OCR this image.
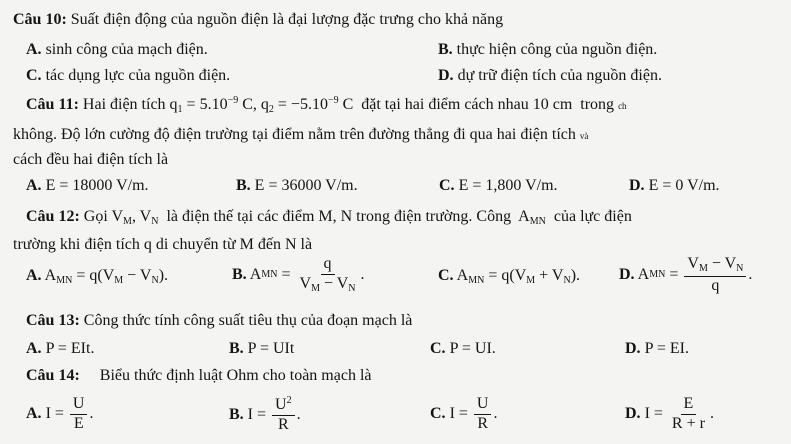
Câu 10: Suất điện động của nguồn điện là đại lượng đặc trưng cho khả năng
A. sinh công của mạch điện.	B. thực hiện công của nguồn điện.
C. tác dụng lực của nguồn điện.	D. dự trữ điện tích của nguồn điện.
Câu 11: Hai điện tích $q_1 = 5.10^{-9}$ C, $q_2 = -5.10^{-9}$ C  đặt tại hai điểm cách nhau 10 cm  trong ch
không. Độ lớn cường độ điện trường tại điểm nằm trên đường thẳng đi qua hai điện tích và
cách đều hai điện tích là
A. E = 18000 V/m.	B. E = 36000 V/m.	C. E = 1,800 V/m.	D. E = 0 V/m.
Câu 12: Gọi $V_M$, $V_N$  là điện thế tại các điểm M, N trong điện trường. Công  $A_{MN}$  của lực điện
trường khi điện tích q di chuyển từ M đến N là
A. $A_{MN} = q(V_M - V_N)$.	B. A MN = $\frac{q}{V_M - V_N}$ .	C. $A_{MN} = q(V_M + V_N)$. D. A MN = $\frac{V_M - V_N}{q}$ .
Câu 13: Công thức tính công suất tiêu thụ của đoạn mạch là
A. P = EIt.	B. P = UIt	C. P = UI.	D. P = EI.
Câu 14: Biểu thức định luật Ohm cho toàn mạch là
A. $I = \frac{U}{E}$ .	B. $I = \frac{U^2}{R}$ .	C. $I = \frac{U}{R}$ .	D. $I = \frac{E}{R + r}$ .
